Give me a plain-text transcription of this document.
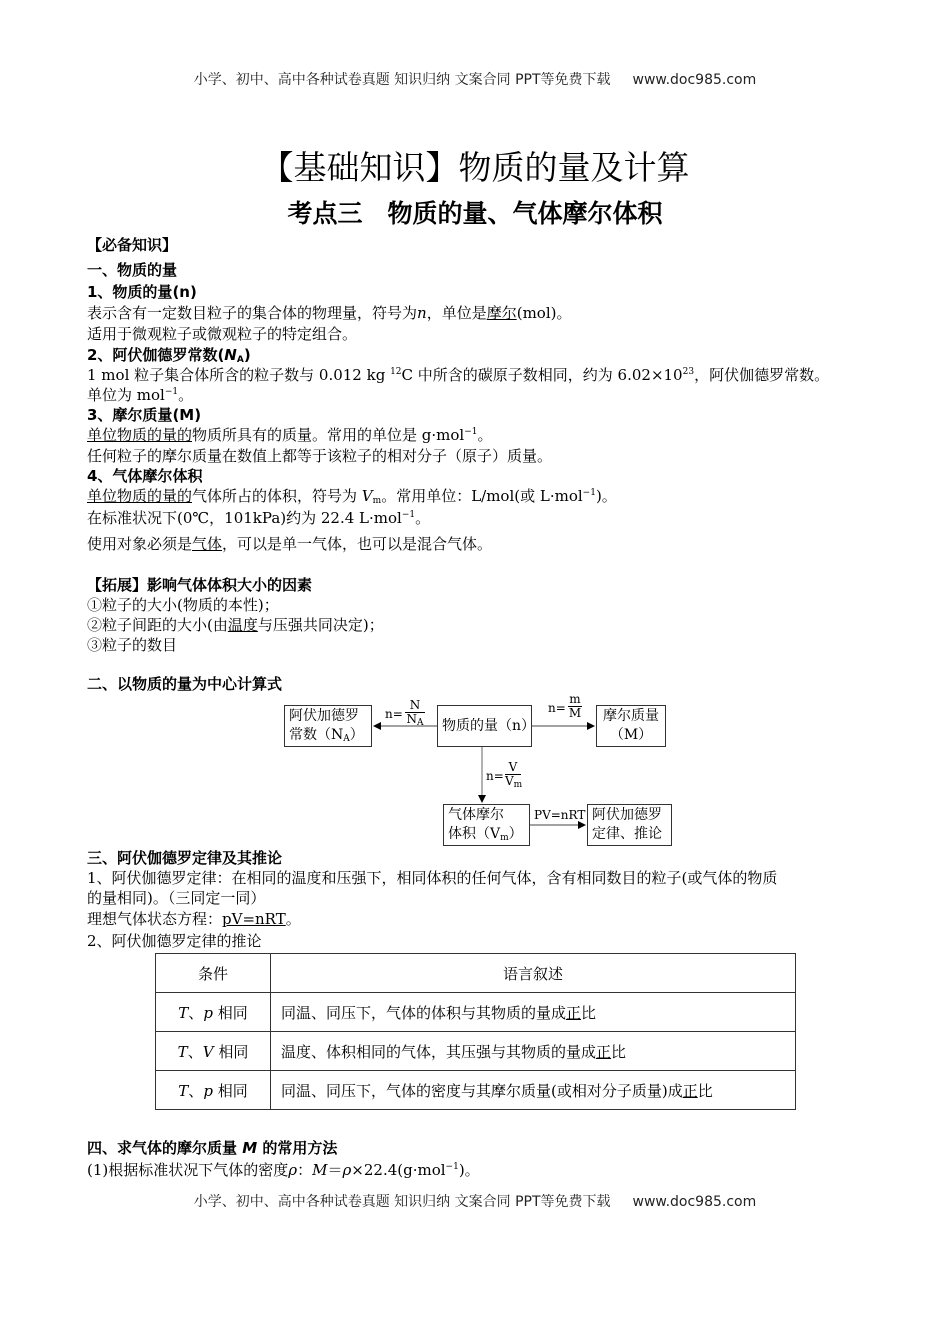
小学、初中、高中各种试卷真题 知识归纳 文案合同 PPT等免费下载 www.doc985.com
【基础知识】物质的量及计算
考点三　物质的量、气体摩尔体积
【必备知识】
一、物质的量
1、物质的量(n)
表示含有一定数目粒子的集合体的物理量，符号为n，单位是摩尔(mol)。
适用于微观粒子或微观粒子的特定组合。
2、阿伏伽德罗常数$(N_A)$
1 mol 粒子集合体所含的粒子数与 0.012 kg $^{12}$C 中所含的碳原子数相同，约为 $6.02\times 10^{23}$，阿伏伽德罗常数。
单位为 mol$^{-1}$。
3、摩尔质量(M)
单位物质的量的物质所具有的质量。常用的单位是 g·mol$^{-1}$。
任何粒子的摩尔质量在数值上都等于该粒子的相对分子（原子）质量。
4、气体摩尔体积
单位物质的量的气体所占的体积，符号为 $V_m$。常用单位：L/mol(或 L·mol$^{-1}$)。
在标准状况下(0℃，101kPa)约为 22.4 L·mol$^{-1}$。
使用对象必须是气体，可以是单一气体，也可以是混合气体。
【拓展】影响气体体积大小的因素
①粒子的大小(物质的本性)；
②粒子间距的大小(由温度与压强共同决定)；
③粒子的数目
二、以物质的量为中心计算式
阿伏加德罗
常数$(N_A)$
物质的量（n）
摩尔质量
（M）
气体摩尔
体积$(V_m)$
阿伏加德罗
定律、推论
n=
N
$N_A$
n=
m
M
n=
V
$V_m$
PV=nRT
三、阿伏伽德罗定律及其推论
1、阿伏伽德罗定律：在相同的温度和压强下，相同体积的任何气体，含有相同数目的粒子(或气体的物质
的量相同)。（三同定一同）
理想气体状态方程：pV=nRT。
2、阿伏伽德罗定律的推论
条件	语言叙述
T、p 相同	同温、同压下，气体的体积与其物质的量成正比
T、V 相同	温度、体积相同的气体，其压强与其物质的量成正比
T、p 相同	同温、同压下，气体的密度与其摩尔质量(或相对分子质量)成正比
四、求气体的摩尔质量 M 的常用方法
(1)根据标准状况下气体的密度ρ：M＝ρ×22.4(g·mol$^{-1}$)。
小学、初中、高中各种试卷真题 知识归纳 文案合同 PPT等免费下载 www.doc985.com
